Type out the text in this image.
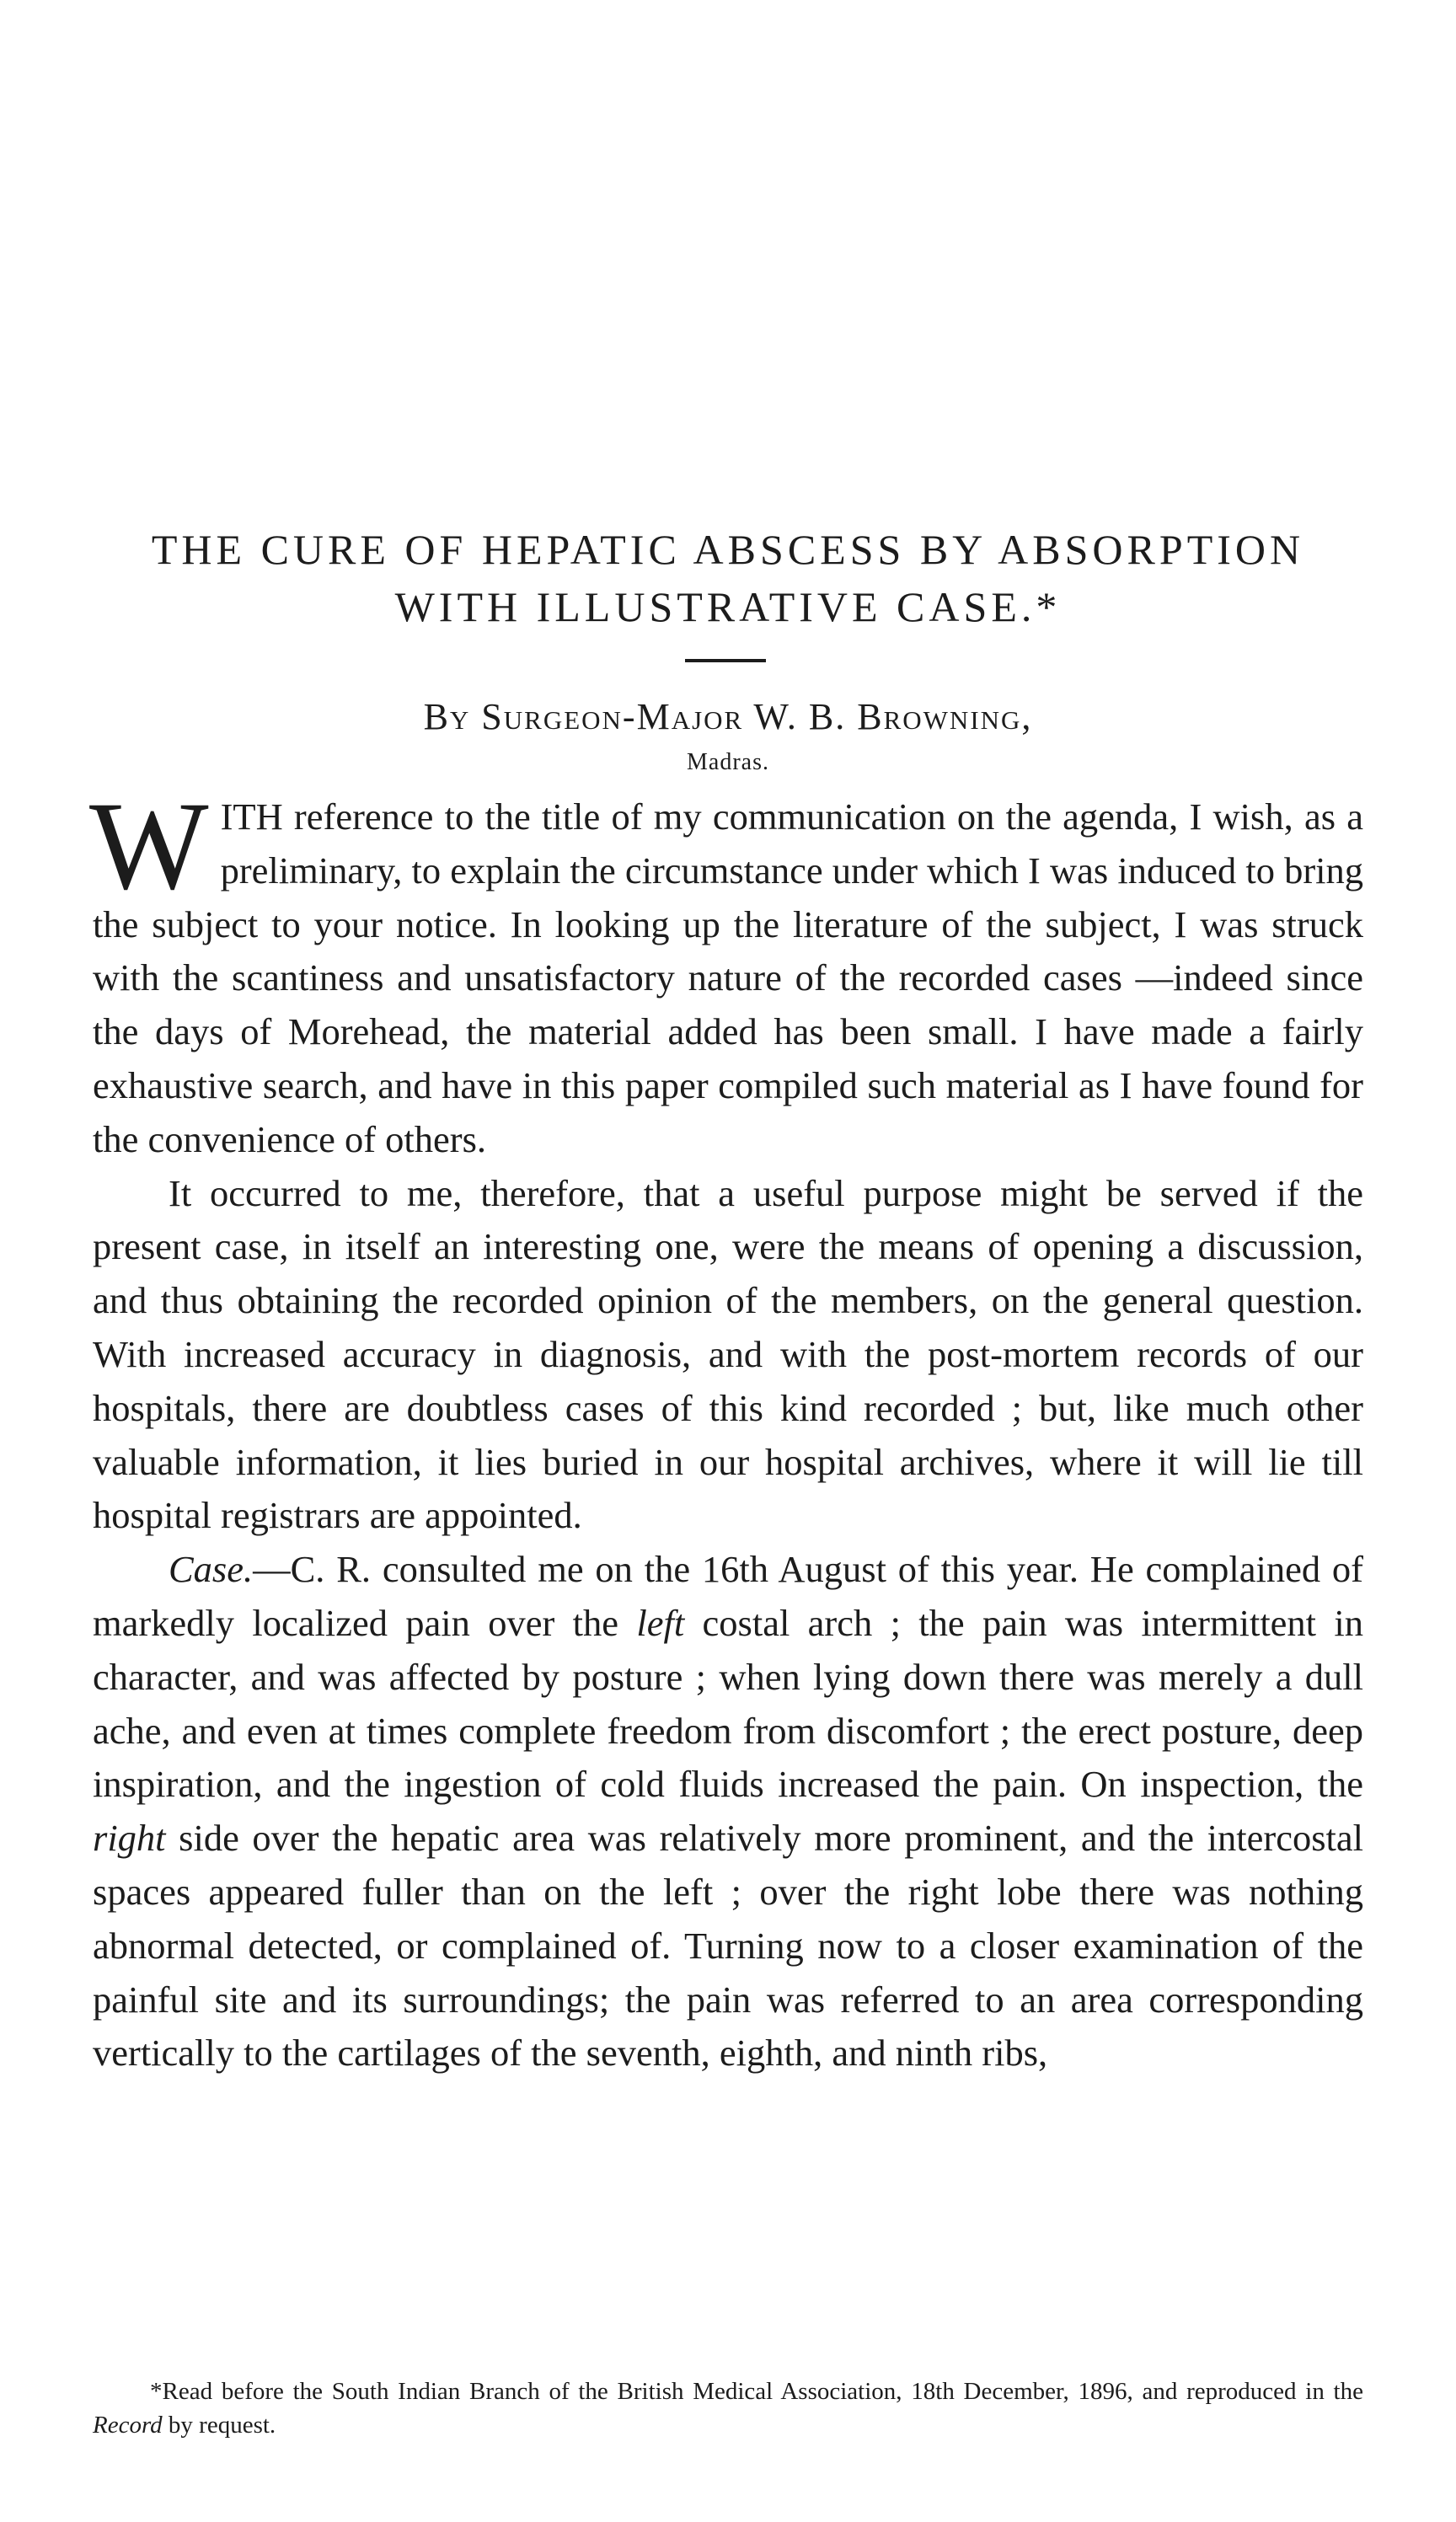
THE CURE OF HEPATIC ABSCESS BY ABSORPTION
WITH ILLUSTRATIVE CASE.*
By Surgeon-Major W. B. Browning,
Madras.

WITH reference to the title of my communication on the agenda, I wish, as a preliminary, to explain the circumstance under which I was induced to bring the subject to your notice. In looking up the literature of the subject, I was struck with the scantiness and unsatisfactory nature of the recorded cases —indeed since the days of Morehead, the material added has been small. I have made a fairly exhaustive search, and have in this paper compiled such material as I have found for the convenience of others.

It occurred to me, therefore, that a useful purpose might be served if the present case, in itself an interesting one, were the means of opening a discussion, and thus obtaining the recorded opinion of the members, on the general question. With increased accuracy in diagnosis, and with the post-mortem records of our hospitals, there are doubtless cases of this kind recorded ; but, like much other valuable information, it lies buried in our hospital archives, where it will lie till hospital registrars are appointed.

Case.—C. R. consulted me on the 16th August of this year. He complained of markedly localized pain over the left costal arch ; the pain was intermittent in character, and was affected by posture ; when lying down there was merely a dull ache, and even at times complete freedom from discomfort ; the erect posture, deep inspiration, and the ingestion of cold fluids increased the pain. On inspection, the right side over the hepatic area was relatively more prominent, and the intercostal spaces appeared fuller than on the left ; over the right lobe there was nothing abnormal detected, or complained of. Turning now to a closer examination of the painful site and its surroundings; the pain was referred to an area corresponding vertically to the cartilages of the seventh, eighth, and ninth ribs,

*Read before the South Indian Branch of the British Medical Association, 18th December, 1896, and reproduced in the Record by request.
